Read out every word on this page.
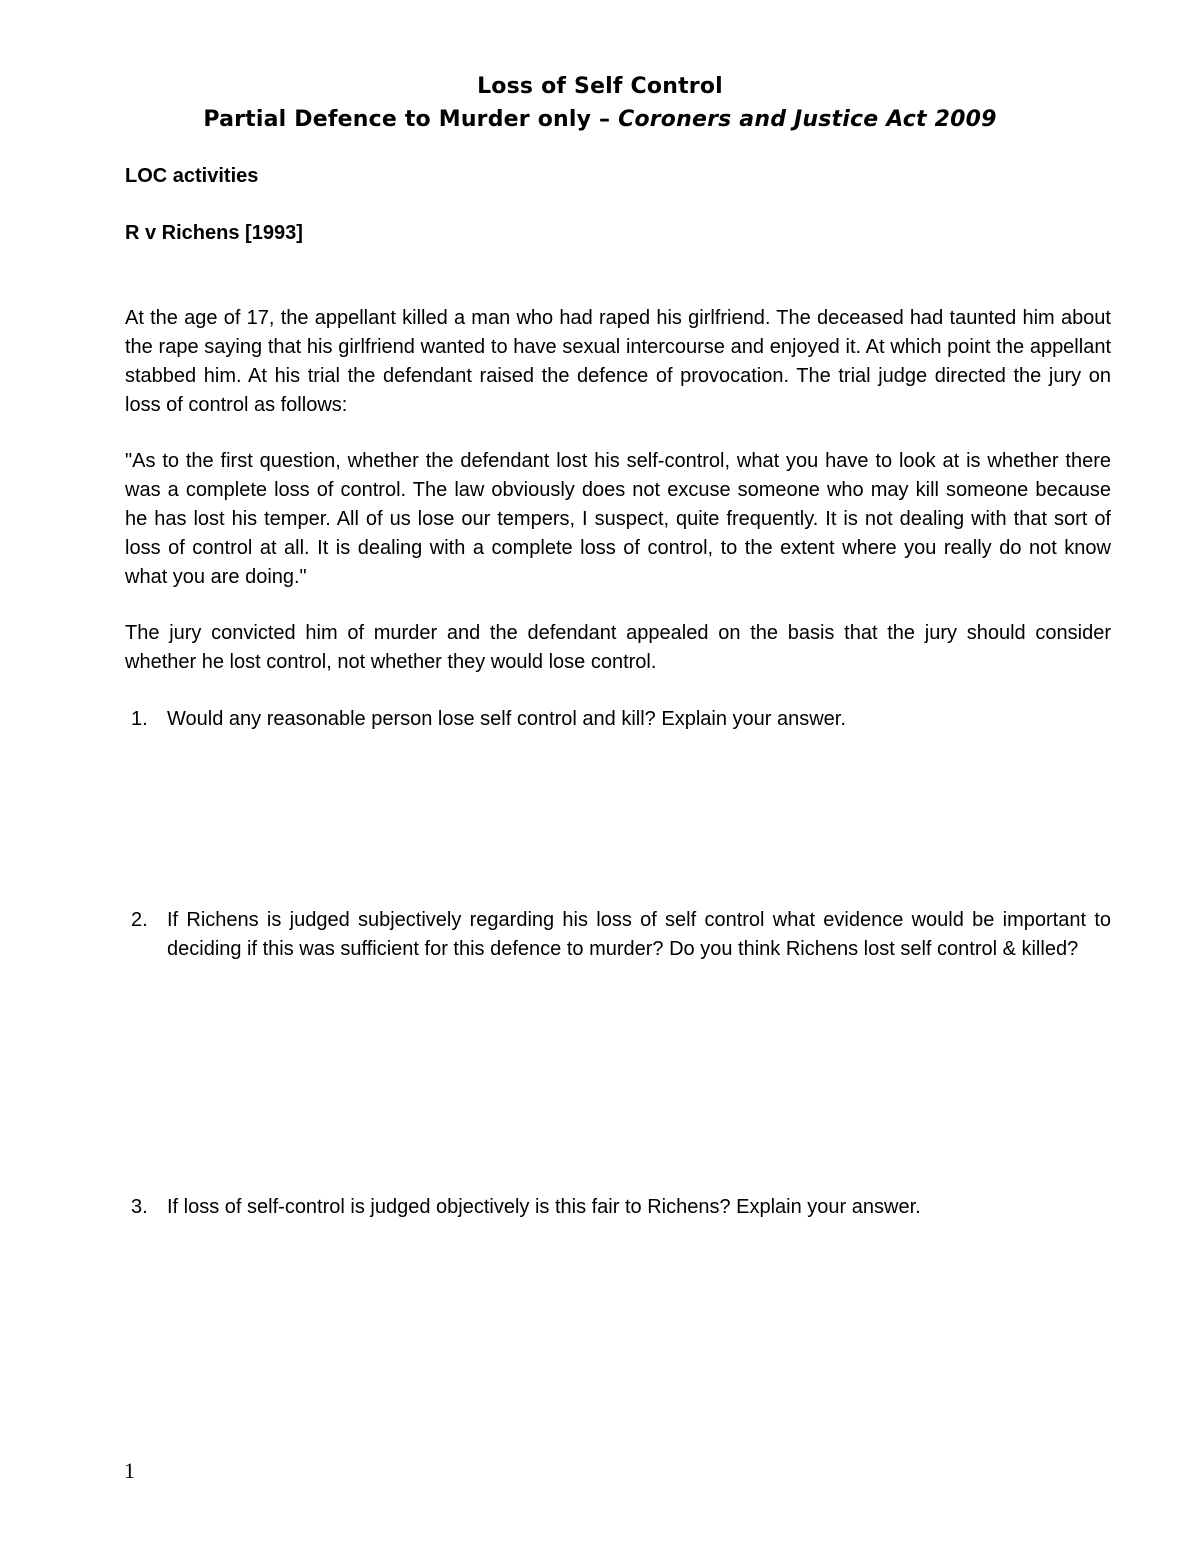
Loss of Self Control
Partial Defence to Murder only – Coroners and Justice Act 2009
LOC activities
R v Richens [1993]

At the age of 17, the appellant killed a man who had raped his girlfriend. The deceased had taunted him about the rape saying that his girlfriend wanted to have sexual intercourse and enjoyed it. At which point the appellant stabbed him. At his trial the defendant raised the defence of provocation. The trial judge directed the jury on loss of control as follows:

"As to the first question, whether the defendant lost his self-control, what you have to look at is whether there was a complete loss of control. The law obviously does not excuse someone who may kill someone because he has lost his temper. All of us lose our tempers, I suspect, quite frequently. It is not dealing with that sort of loss of control at all. It is dealing with a complete loss of control, to the extent where you really do not know what you are doing."

The jury convicted him of murder and the defendant appealed on the basis that the jury should consider whether he lost control, not whether they would lose control.

1. Would any reasonable person lose self control and kill? Explain your answer.
2. If Richens is judged subjectively regarding his loss of self control what evidence would be important to deciding if this was sufficient for this defence to murder? Do you think Richens lost self control & killed?
3. If loss of self-control is judged objectively is this fair to Richens? Explain your answer.
1
